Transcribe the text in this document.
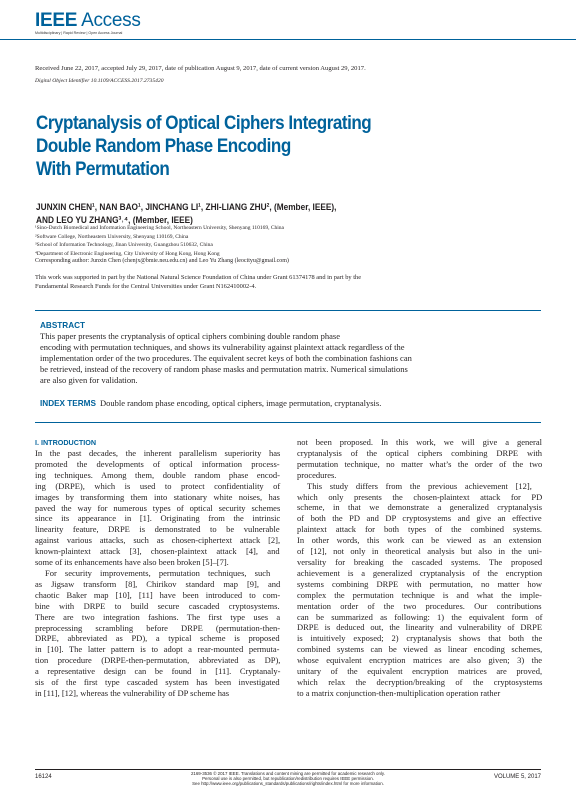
IEEE Access
Multidisciplinary | Rapid Review | Open Access Journal
Received June 22, 2017, accepted July 29, 2017, date of publication August 9, 2017, date of current version August 29, 2017.
Digital Object Identifier 10.1109/ACCESS.2017.2735420
Cryptanalysis of Optical Ciphers Integrating
Double Random Phase Encoding
With Permutation
JUNXIN CHEN¹, NAN BAO¹, JINCHANG LI¹, ZHI-LIANG ZHU², (Member, IEEE),
AND LEO YU ZHANG³˒⁴, (Member, IEEE)
¹Sino-Dutch Biomedical and Information Engineering School, Northeastern University, Shenyang 110169, China
²Software College, Northeastern University, Shenyang 110169, China
³School of Information Technology, Jinan University, Guangzhou 510632, China
⁴Department of Electronic Engineering, City University of Hong Kong, Hong Kong
Corresponding author: Junxin Chen (chenjx@bmie.neu.edu.cn) and Leo Yu Zhang (leocityu@gmail.com)
This work was supported in part by the National Natural Science Foundation of China under Grant 61374178 and in part by the
Fundamental Research Funds for the Central Universities under Grant N162410002-4.
ABSTRACT
This paper presents the cryptanalysis of optical ciphers combining double random phase
encoding with permutation techniques, and shows its vulnerability against plaintext attack regardless of the
implementation order of the two procedures. The equivalent secret keys of both the combination fashions can
be retrieved, instead of the recovery of random phase masks and permutation matrix. Numerical simulations
are also given for validation.
INDEX TERMS Double random phase encoding, optical ciphers, image permutation, cryptanalysis.
I. INTRODUCTION
In the past decades, the inherent parallelism superiority has
promoted the developments of optical information process-
ing techniques. Among them, double random phase encod-
ing (DRPE), which is used to protect confidentiality of
images by transforming them into stationary white noises, has
paved the way for numerous types of optical security schemes
since its appearance in [1]. Originating from the intrinsic
linearity feature, DRPE is demonstrated to be vulnerable
against various attacks, such as chosen-ciphertext attack [2],
known-plaintext attack [3], chosen-plaintext attack [4], and
some of its enhancements have also been broken [5]–[7].
For security improvements, permutation techniques, such
as Jigsaw transform [8], Chirikov standard map [9], and
chaotic Baker map [10], [11] have been introduced to com-
bine with DRPE to build secure cascaded cryptosystems.
There are two integration fashions. The first type uses a
preprocessing scrambling before DRPE (permutation-then-
DRPE, abbreviated as PD), a typical scheme is proposed
in [10]. The latter pattern is to adopt a rear-mounted permuta-
tion procedure (DRPE-then-permutation, abbreviated as DP),
a representative design can be found in [11]. Cryptanaly-
sis of the first type cascaded system has been investigated
in [11], [12], whereas the vulnerability of DP scheme has
not been proposed. In this work, we will give a general
cryptanalysis of the optical ciphers combining DRPE with
permutation technique, no matter what’s the order of the two
procedures.
This study differs from the previous achievement [12],
which only presents the chosen-plaintext attack for PD
scheme, in that we demonstrate a generalized cryptanalysis
of both the PD and DP cryptosystems and give an effective
plaintext attack for both types of the combined systems.
In other words, this work can be viewed as an extension
of [12], not only in theoretical analysis but also in the uni-
versality for breaking the cascaded systems. The proposed
achievement is a generalized cryptanalysis of the encryption
systems combining DRPE with permutation, no matter how
complex the permutation technique is and what the imple-
mentation order of the two procedures. Our contributions
can be summarized as following: 1) the equivalent form of
DRPE is deduced out, the linearity and vulnerability of DRPE
is intuitively exposed; 2) cryptanalysis shows that both the
combined systems can be viewed as linear encoding schemes,
whose equivalent encryption matrices are also given; 3) the
unitary of the equivalent encryption matrices are proved,
which relax the decryption/breaking of the cryptosystems
to a matrix conjunction-then-multiplication operation rather
16124
2169-3536 © 2017 IEEE. Translations and content mining are permitted for academic research only.
Personal use is also permitted, but republication/redistribution requires IEEE permission.
See http://www.ieee.org/publications_standards/publications/rights/index.html for more information.
VOLUME 5, 2017
